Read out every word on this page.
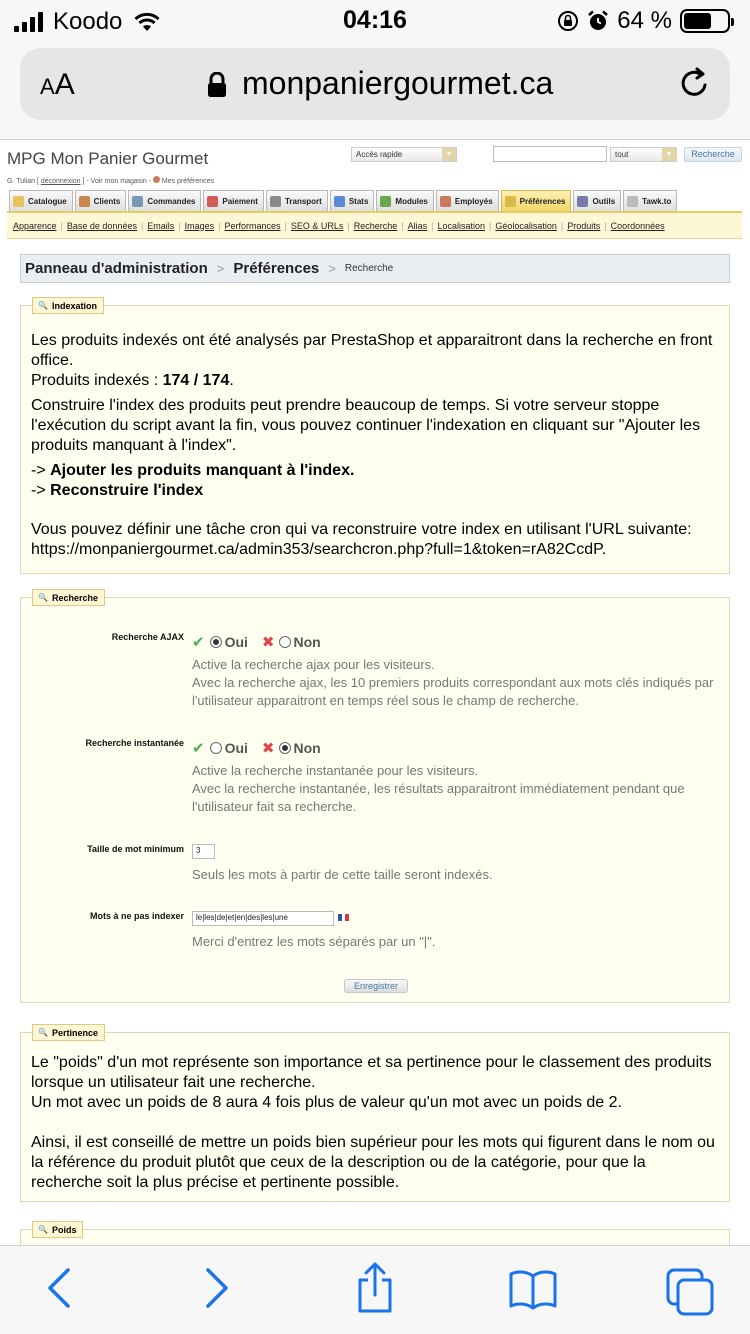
Koodo	04:16	64 %
AA	monpaniergourmet.ca
MPG Mon Panier Gourmet
G. Tulian [ déconnexion ] - Voir mon magasin - Mes préférences
Accès rapide	▼	tout	▼	Recherche
Catalogue	Clients	Commandes	Paiement	Transport	Stats	Modules	Employés	Préférences	Outils	Tawk.to
Apparence | Base de données | Emails | Images | Performances | SEO & URLs | Recherche | Alias | Localisation | Géolocalisation | Produits | Coordonnées
Panneau d'administration > Préférences > Recherche
🔍 Indexation
Les produits indexés ont été analysés par PrestaShop et apparaitront dans la recherche en front office.
Produits indexés : 174 / 174.
Construire l'index des produits peut prendre beaucoup de temps. Si votre serveur stoppe l'exécution du script avant la fin, vous pouvez continuer l'indexation en cliquant sur "Ajouter les produits manquant à l'index".
-> Ajouter les produits manquant à l'index.
-> Reconstruire l'index
Vous pouvez définir une tâche cron qui va reconstruire votre index en utilisant l'URL suivante: https://monpaniergourmet.ca/admin353/searchcron.php?full=1&token=rA82CcdP.
🔍 Recherche
Recherche AJAX ✔ Oui ✖ Non
Active la recherche ajax pour les visiteurs.
Avec la recherche ajax, les 10 premiers produits correspondant aux mots clés indiqués par l'utilisateur apparaitront en temps réel sous le champ de recherche.
Recherche instantanée ✔ Oui ✖ Non
Active la recherche instantanée pour les visiteurs.
Avec la recherche instantanée, les résultats apparaitront immédiatement pendant que l'utilisateur fait sa recherche.
Taille de mot minimum	3
Seuls les mots à partir de cette taille seront indexés.
Mots à ne pas indexer	le|les|de|et|en|des|les|une
Merci d'entrez les mots séparés par un "|".
Enregistrer
🔍 Pertinence
Le "poids" d'un mot représente son importance et sa pertinence pour le classement des produits lorsque un utilisateur fait une recherche.
Un mot avec un poids de 8 aura 4 fois plus de valeur qu'un mot avec un poids de 2.
Ainsi, il est conseillé de mettre un poids bien supérieur pour les mots qui figurent dans le nom ou la référence du produit plutôt que ceux de la description ou de la catégorie, pour que la recherche soit la plus précise et pertinente possible.
🔍 Poids
